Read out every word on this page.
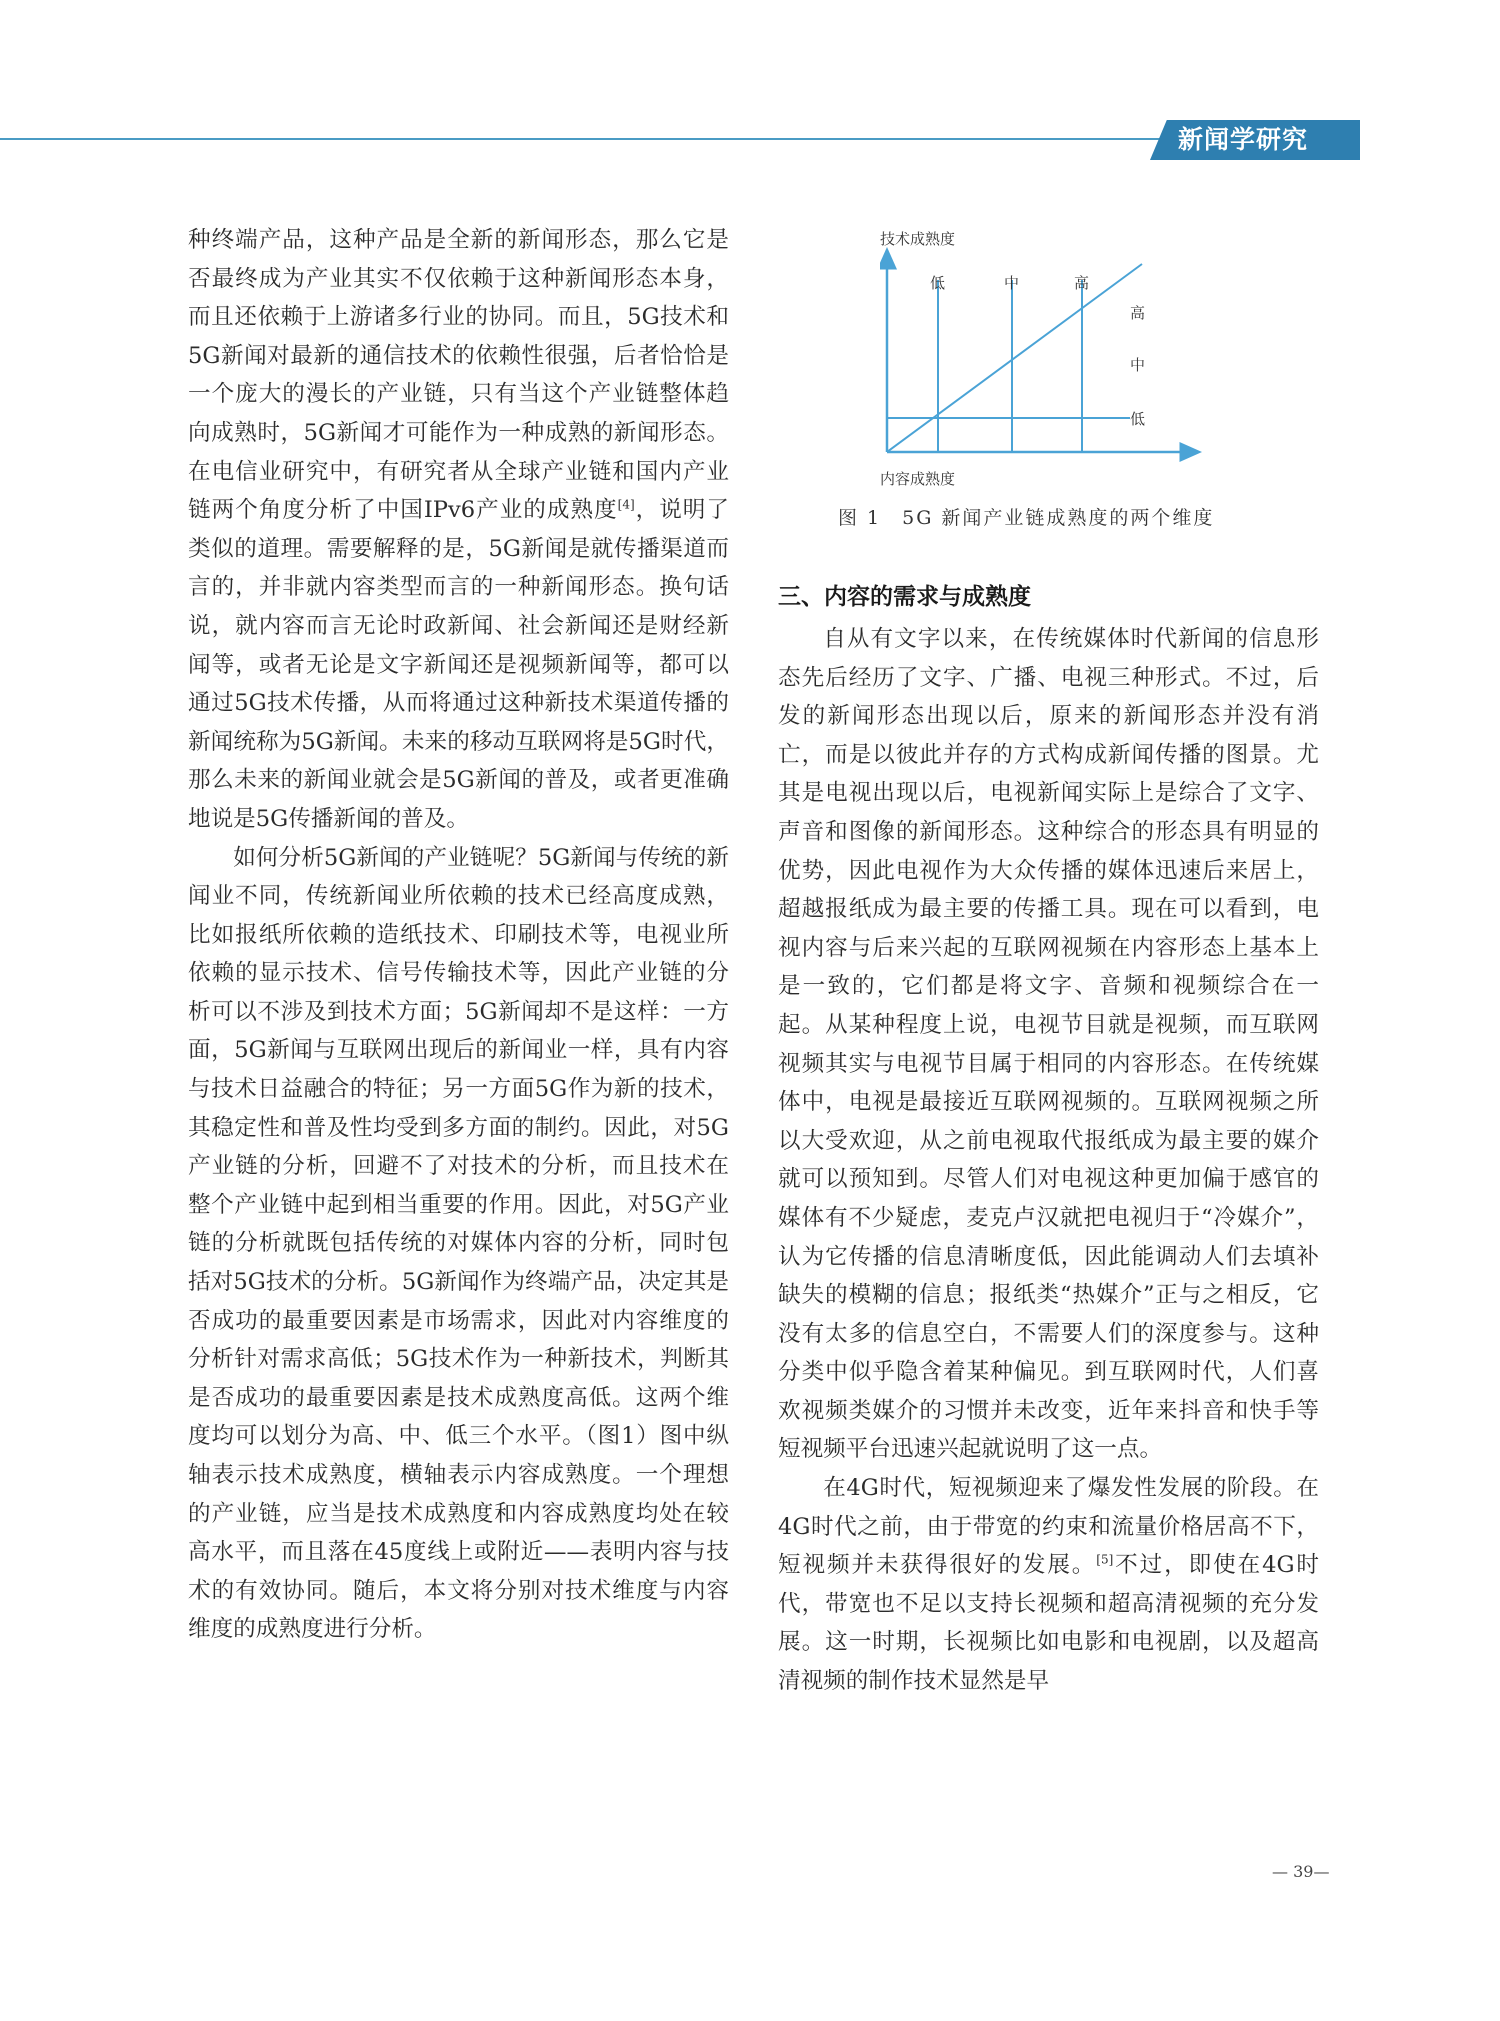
新闻学研究

种终端产品，这种产品是全新的新闻形态，那么它是否最终成为产业其实不仅依赖于这种新闻形态本身，而且还依赖于上游诸多行业的协同。而且，5G技术和5G新闻对最新的通信技术的依赖性很强，后者恰恰是一个庞大的漫长的产业链，只有当这个产业链整体趋向成熟时，5G新闻才可能作为一种成熟的新闻形态。在电信业研究中，有研究者从全球产业链和国内产业链两个角度分析了中国IPv6产业的成熟度[4]，说明了类似的道理。需要解释的是，5G新闻是就传播渠道而言的，并非就内容类型而言的一种新闻形态。换句话说，就内容而言无论时政新闻、社会新闻还是财经新闻等，或者无论是文字新闻还是视频新闻等，都可以通过5G技术传播，从而将通过这种新技术渠道传播的新闻统称为5G新闻。未来的移动互联网将是5G时代，那么未来的新闻业就会是5G新闻的普及，或者更准确地说是5G传播新闻的普及。

如何分析5G新闻的产业链呢？5G新闻与传统的新闻业不同，传统新闻业所依赖的技术已经高度成熟，比如报纸所依赖的造纸技术、印刷技术等，电视业所依赖的显示技术、信号传输技术等，因此产业链的分析可以不涉及到技术方面；5G新闻却不是这样：一方面，5G新闻与互联网出现后的新闻业一样，具有内容与技术日益融合的特征；另一方面5G作为新的技术，其稳定性和普及性均受到多方面的制约。因此，对5G产业链的分析，回避不了对技术的分析，而且技术在整个产业链中起到相当重要的作用。因此，对5G产业链的分析就既包括传统的对媒体内容的分析，同时包括对5G技术的分析。5G新闻作为终端产品，决定其是否成功的最重要因素是市场需求，因此对内容维度的分析针对需求高低；5G技术作为一种新技术，判断其是否成功的最重要因素是技术成熟度高低。这两个维度均可以划分为高、中、低三个水平。（图1）图中纵轴表示技术成熟度，横轴表示内容成熟度。一个理想的产业链，应当是技术成熟度和内容成熟度均处在较高水平，而且落在45度线上或附近——表明内容与技术的有效协同。随后，本文将分别对技术维度与内容维度的成熟度进行分析。

技术成熟度
内容成熟度
低	中	高
高
中
低
图 1　5G 新闻产业链成熟度的两个维度
三、内容的需求与成熟度

自从有文字以来，在传统媒体时代新闻的信息形态先后经历了文字、广播、电视三种形式。不过，后发的新闻形态出现以后，原来的新闻形态并没有消亡，而是以彼此并存的方式构成新闻传播的图景。尤其是电视出现以后，电视新闻实际上是综合了文字、声音和图像的新闻形态。这种综合的形态具有明显的优势，因此电视作为大众传播的媒体迅速后来居上，超越报纸成为最主要的传播工具。现在可以看到，电视内容与后来兴起的互联网视频在内容形态上基本上是一致的，它们都是将文字、音频和视频综合在一起。从某种程度上说，电视节目就是视频，而互联网视频其实与电视节目属于相同的内容形态。在传统媒体中，电视是最接近互联网视频的。互联网视频之所以大受欢迎，从之前电视取代报纸成为最主要的媒介就可以预知到。尽管人们对电视这种更加偏于感官的媒体有不少疑虑，麦克卢汉就把电视归于“冷媒介”，认为它传播的信息清晰度低，因此能调动人们去填补缺失的模糊的信息；报纸类“热媒介”正与之相反，它没有太多的信息空白，不需要人们的深度参与。这种分类中似乎隐含着某种偏见。到互联网时代，人们喜欢视频类媒介的习惯并未改变，近年来抖音和快手等短视频平台迅速兴起就说明了这一点。

在4G时代，短视频迎来了爆发性发展的阶段。在4G时代之前，由于带宽的约束和流量价格居高不下，短视频并未获得很好的发展。[5]不过，即使在4G时代，带宽也不足以支持长视频和超高清视频的充分发展。这一时期，长视频比如电影和电视剧，以及超高清视频的制作技术显然是早

— 39—
